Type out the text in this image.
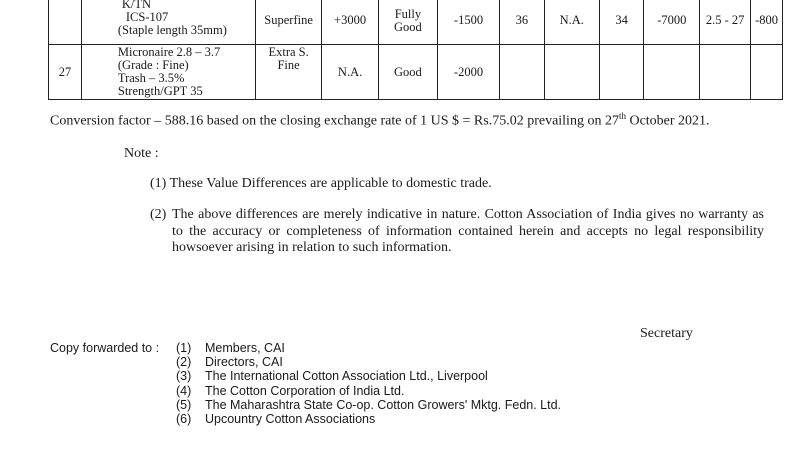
	K/TN
ICS-107
(Staple length 35mm)	Superfine	+3000	Fully Good	-1500	36	N.A.	34	-7000	2.5 - 27	-800
27	Micronaire 2.8 – 3.7
(Grade : Fine)
Trash – 3.5%
Strength/GPT 35	Extra S. Fine	N.A.	Good	-2000						
Conversion factor – 588.16 based on the closing exchange rate of 1 US $ = Rs.75.02 prevailing on 27th October 2021.
Note :
(1) These Value Differences are applicable to domestic trade.
(2) The above differences are merely indicative in nature. Cotton Association of India gives no warranty as to the accuracy or completeness of information contained herein and accepts no legal responsibility howsoever arising in relation to such information.
Secretary
Copy forwarded to : (1) Members, CAI
(2) Directors, CAI
(3) The International Cotton Association Ltd., Liverpool
(4) The Cotton Corporation of India Ltd.
(5) The Maharashtra State Co-op. Cotton Growers' Mktg. Fedn. Ltd.
(6) Upcountry Cotton Associations
